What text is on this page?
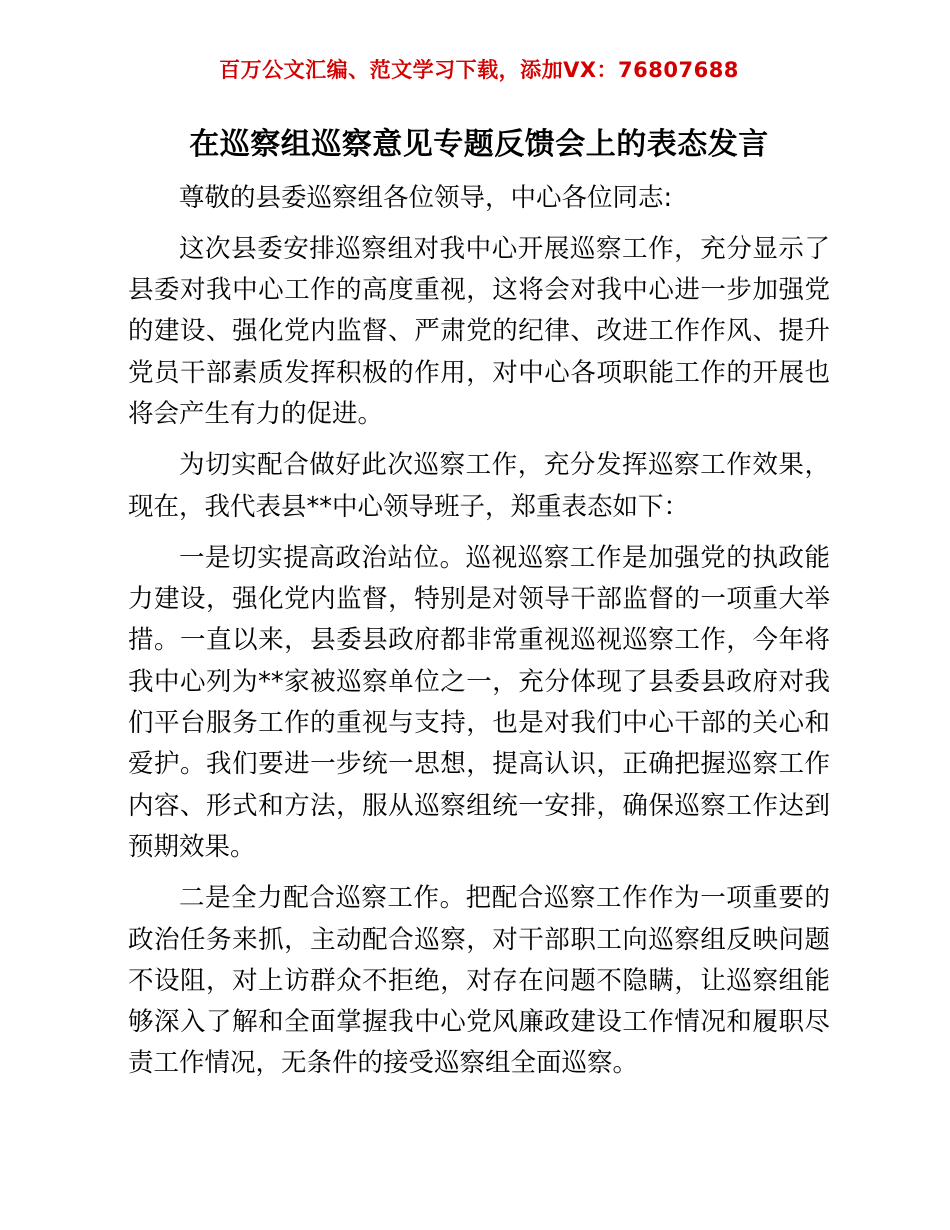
百万公文汇编、范文学习下载，添加VX：76807688
在巡察组巡察意见专题反馈会上的表态发言

尊敬的县委巡察组各位领导，中心各位同志:

这次县委安排巡察组对我中心开展巡察工作，充分显示了县委对我中心工作的高度重视，这将会对我中心进一步加强党的建设、强化党内监督、严肃党的纪律、改进工作作风、提升党员干部素质发挥积极的作用，对中心各项职能工作的开展也将会产生有力的促进。

为切实配合做好此次巡察工作，充分发挥巡察工作效果，现在，我代表县**中心领导班子，郑重表态如下：

一是切实提高政治站位。巡视巡察工作是加强党的执政能力建设，强化党内监督，特别是对领导干部监督的一项重大举措。一直以来，县委县政府都非常重视巡视巡察工作，今年将我中心列为**家被巡察单位之一，充分体现了县委县政府对我们平台服务工作的重视与支持，也是对我们中心干部的关心和爱护。我们要进一步统一思想，提高认识，正确把握巡察工作内容、形式和方法，服从巡察组统一安排，确保巡察工作达到预期效果。

二是全力配合巡察工作。把配合巡察工作作为一项重要的政治任务来抓，主动配合巡察，对干部职工向巡察组反映问题不设阻，对上访群众不拒绝，对存在问题不隐瞒，让巡察组能够深入了解和全面掌握我中心党风廉政建设工作情况和履职尽责工作情况，无条件的接受巡察组全面巡察。
